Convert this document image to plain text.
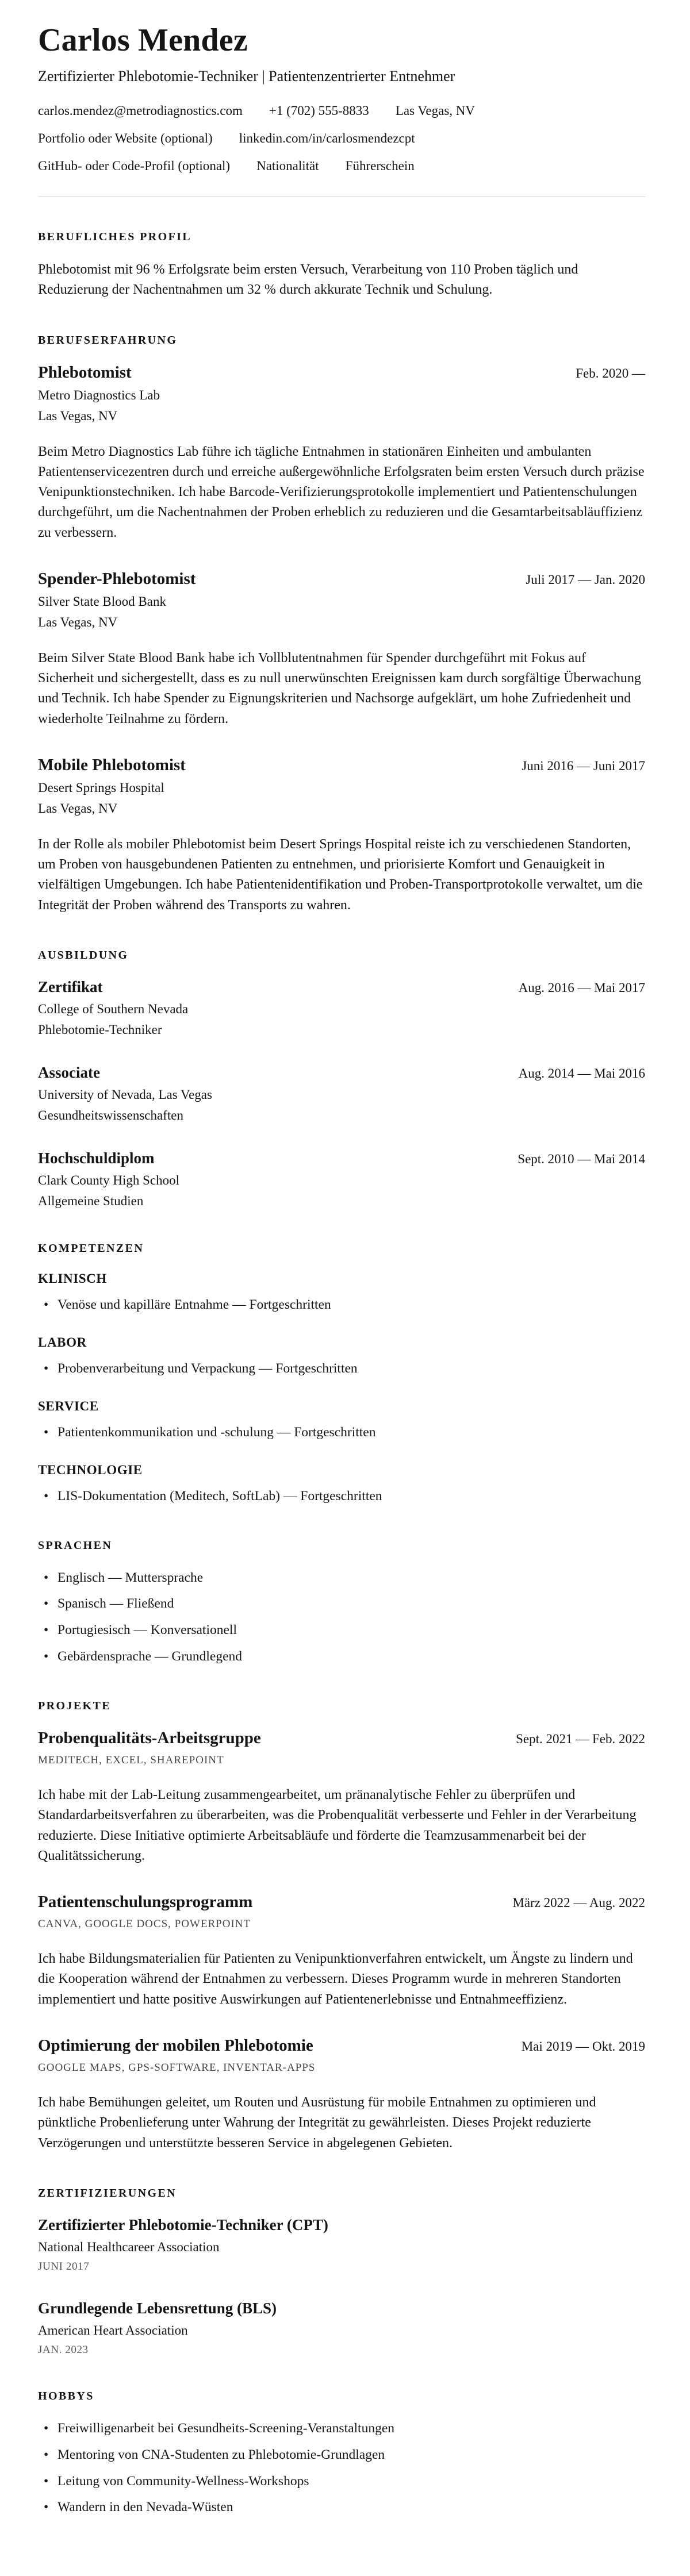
Carlos Mendez
Zertifizierter Phlebotomie-Techniker | Patientenzentrierter Entnehmer
carlos.mendez@metrodiagnostics.com +1 (702) 555-8833 Las Vegas, NV
Portfolio oder Website (optional) linkedin.com/in/carlosmendezcpt
GitHub- oder Code-Profil (optional) Nationalität Führerschein
BERUFLICHES PROFIL

Phlebotomist mit 96 % Erfolgsrate beim ersten Versuch, Verarbeitung von 110 Proben täglich und Reduzierung der Nachentnahmen um 32 % durch akkurate Technik und Schulung.

BERUFSERFAHRUNG
Phlebotomist	Feb. 2020 —
Metro Diagnostics Lab
Las Vegas, NV

Beim Metro Diagnostics Lab führe ich tägliche Entnahmen in stationären Einheiten und ambulanten Patientenservicezentren durch und erreiche außergewöhnliche Erfolgsraten beim ersten Versuch durch präzise Venipunktionstechniken. Ich habe Barcode-Verifizierungsprotokolle implementiert und Patientenschulungen durchgeführt, um die Nachentnahmen der Proben erheblich zu reduzieren und die Gesamtarbeitsabläuffizienz zu verbessern.

Spender-Phlebotomist	Juli 2017 — Jan. 2020
Silver State Blood Bank
Las Vegas, NV

Beim Silver State Blood Bank habe ich Vollblutentnahmen für Spender durchgeführt mit Fokus auf Sicherheit und sichergestellt, dass es zu null unerwünschten Ereignissen kam durch sorgfältige Überwachung und Technik. Ich habe Spender zu Eignungskriterien und Nachsorge aufgeklärt, um hohe Zufriedenheit und wiederholte Teilnahme zu fördern.

Mobile Phlebotomist	Juni 2016 — Juni 2017
Desert Springs Hospital
Las Vegas, NV

In der Rolle als mobiler Phlebotomist beim Desert Springs Hospital reiste ich zu verschiedenen Standorten, um Proben von hausgebundenen Patienten zu entnehmen, und priorisierte Komfort und Genauigkeit in vielfältigen Umgebungen. Ich habe Patientenidentifikation und Proben-Transportprotokolle verwaltet, um die Integrität der Proben während des Transports zu wahren.

AUSBILDUNG
Zertifikat	Aug. 2016 — Mai 2017
College of Southern Nevada
Phlebotomie-Techniker
Associate	Aug. 2014 — Mai 2016
University of Nevada, Las Vegas
Gesundheitswissenschaften
Hochschuldiplom	Sept. 2010 — Mai 2014
Clark County High School
Allgemeine Studien
KOMPETENZEN
KLINISCH
• Venöse und kapilläre Entnahme — Fortgeschritten
LABOR
• Probenverarbeitung und Verpackung — Fortgeschritten
SERVICE
• Patientenkommunikation und -schulung — Fortgeschritten
TECHNOLOGIE
• LIS-Dokumentation (Meditech, SoftLab) — Fortgeschritten
SPRACHEN
• Englisch — Muttersprache
• Spanisch — Fließend
• Portugiesisch — Konversationell
• Gebärdensprache — Grundlegend
PROJEKTE
Probenqualitäts-Arbeitsgruppe	Sept. 2021 — Feb. 2022
MEDITECH, EXCEL, SHAREPOINT

Ich habe mit der Lab-Leitung zusammengearbeitet, um pränanalytische Fehler zu überprüfen und Standardarbeitsverfahren zu überarbeiten, was die Probenqualität verbesserte und Fehler in der Verarbeitung reduzierte. Diese Initiative optimierte Arbeitsabläufe und förderte die Teamzusammenarbeit bei der Qualitätssicherung.

Patientenschulungsprogramm	März 2022 — Aug. 2022
CANVA, GOOGLE DOCS, POWERPOINT

Ich habe Bildungsmaterialien für Patienten zu Venipunktionverfahren entwickelt, um Ängste zu lindern und die Kooperation während der Entnahmen zu verbessern. Dieses Programm wurde in mehreren Standorten implementiert und hatte positive Auswirkungen auf Patientenerlebnisse und Entnahmeeffizienz.

Optimierung der mobilen Phlebotomie	Mai 2019 — Okt. 2019
GOOGLE MAPS, GPS-SOFTWARE, INVENTAR-APPS

Ich habe Bemühungen geleitet, um Routen und Ausrüstung für mobile Entnahmen zu optimieren und pünktliche Probenlieferung unter Wahrung der Integrität zu gewährleisten. Dieses Projekt reduzierte Verzögerungen und unterstützte besseren Service in abgelegenen Gebieten.

ZERTIFIZIERUNGEN
Zertifizierter Phlebotomie-Techniker (CPT)
National Healthcareer Association
JUNI 2017
Grundlegende Lebensrettung (BLS)
American Heart Association
JAN. 2023
HOBBYS
• Freiwilligenarbeit bei Gesundheits-Screening-Veranstaltungen
• Mentoring von CNA-Studenten zu Phlebotomie-Grundlagen
• Leitung von Community-Wellness-Workshops
• Wandern in den Nevada-Wüsten
